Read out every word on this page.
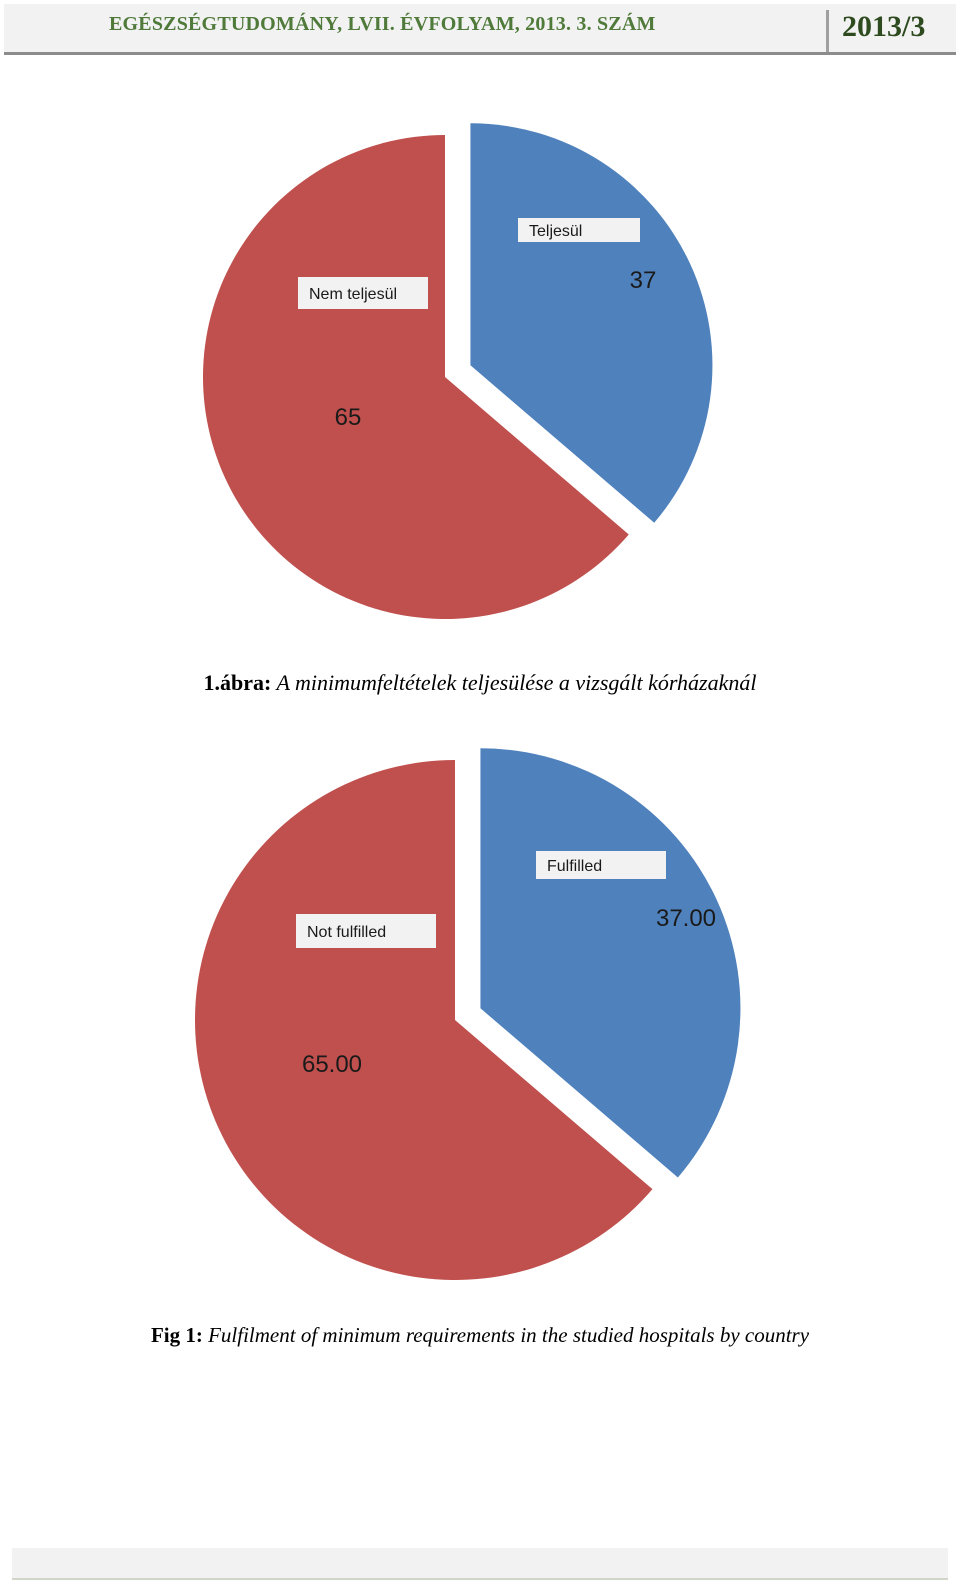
EGÉSZSÉGTUDOMÁNY, LVII. ÉVFOLYAM, 2013. 3. SZÁM	2013/3
Teljesül
37
Nem teljesül
65
1.ábra: A minimumfeltételek teljesülése a vizsgált kórházaknál
Fulfilled
37.00
Not fulfilled
65.00
Fig 1: Fulfilment of minimum requirements in the studied hospitals by country
